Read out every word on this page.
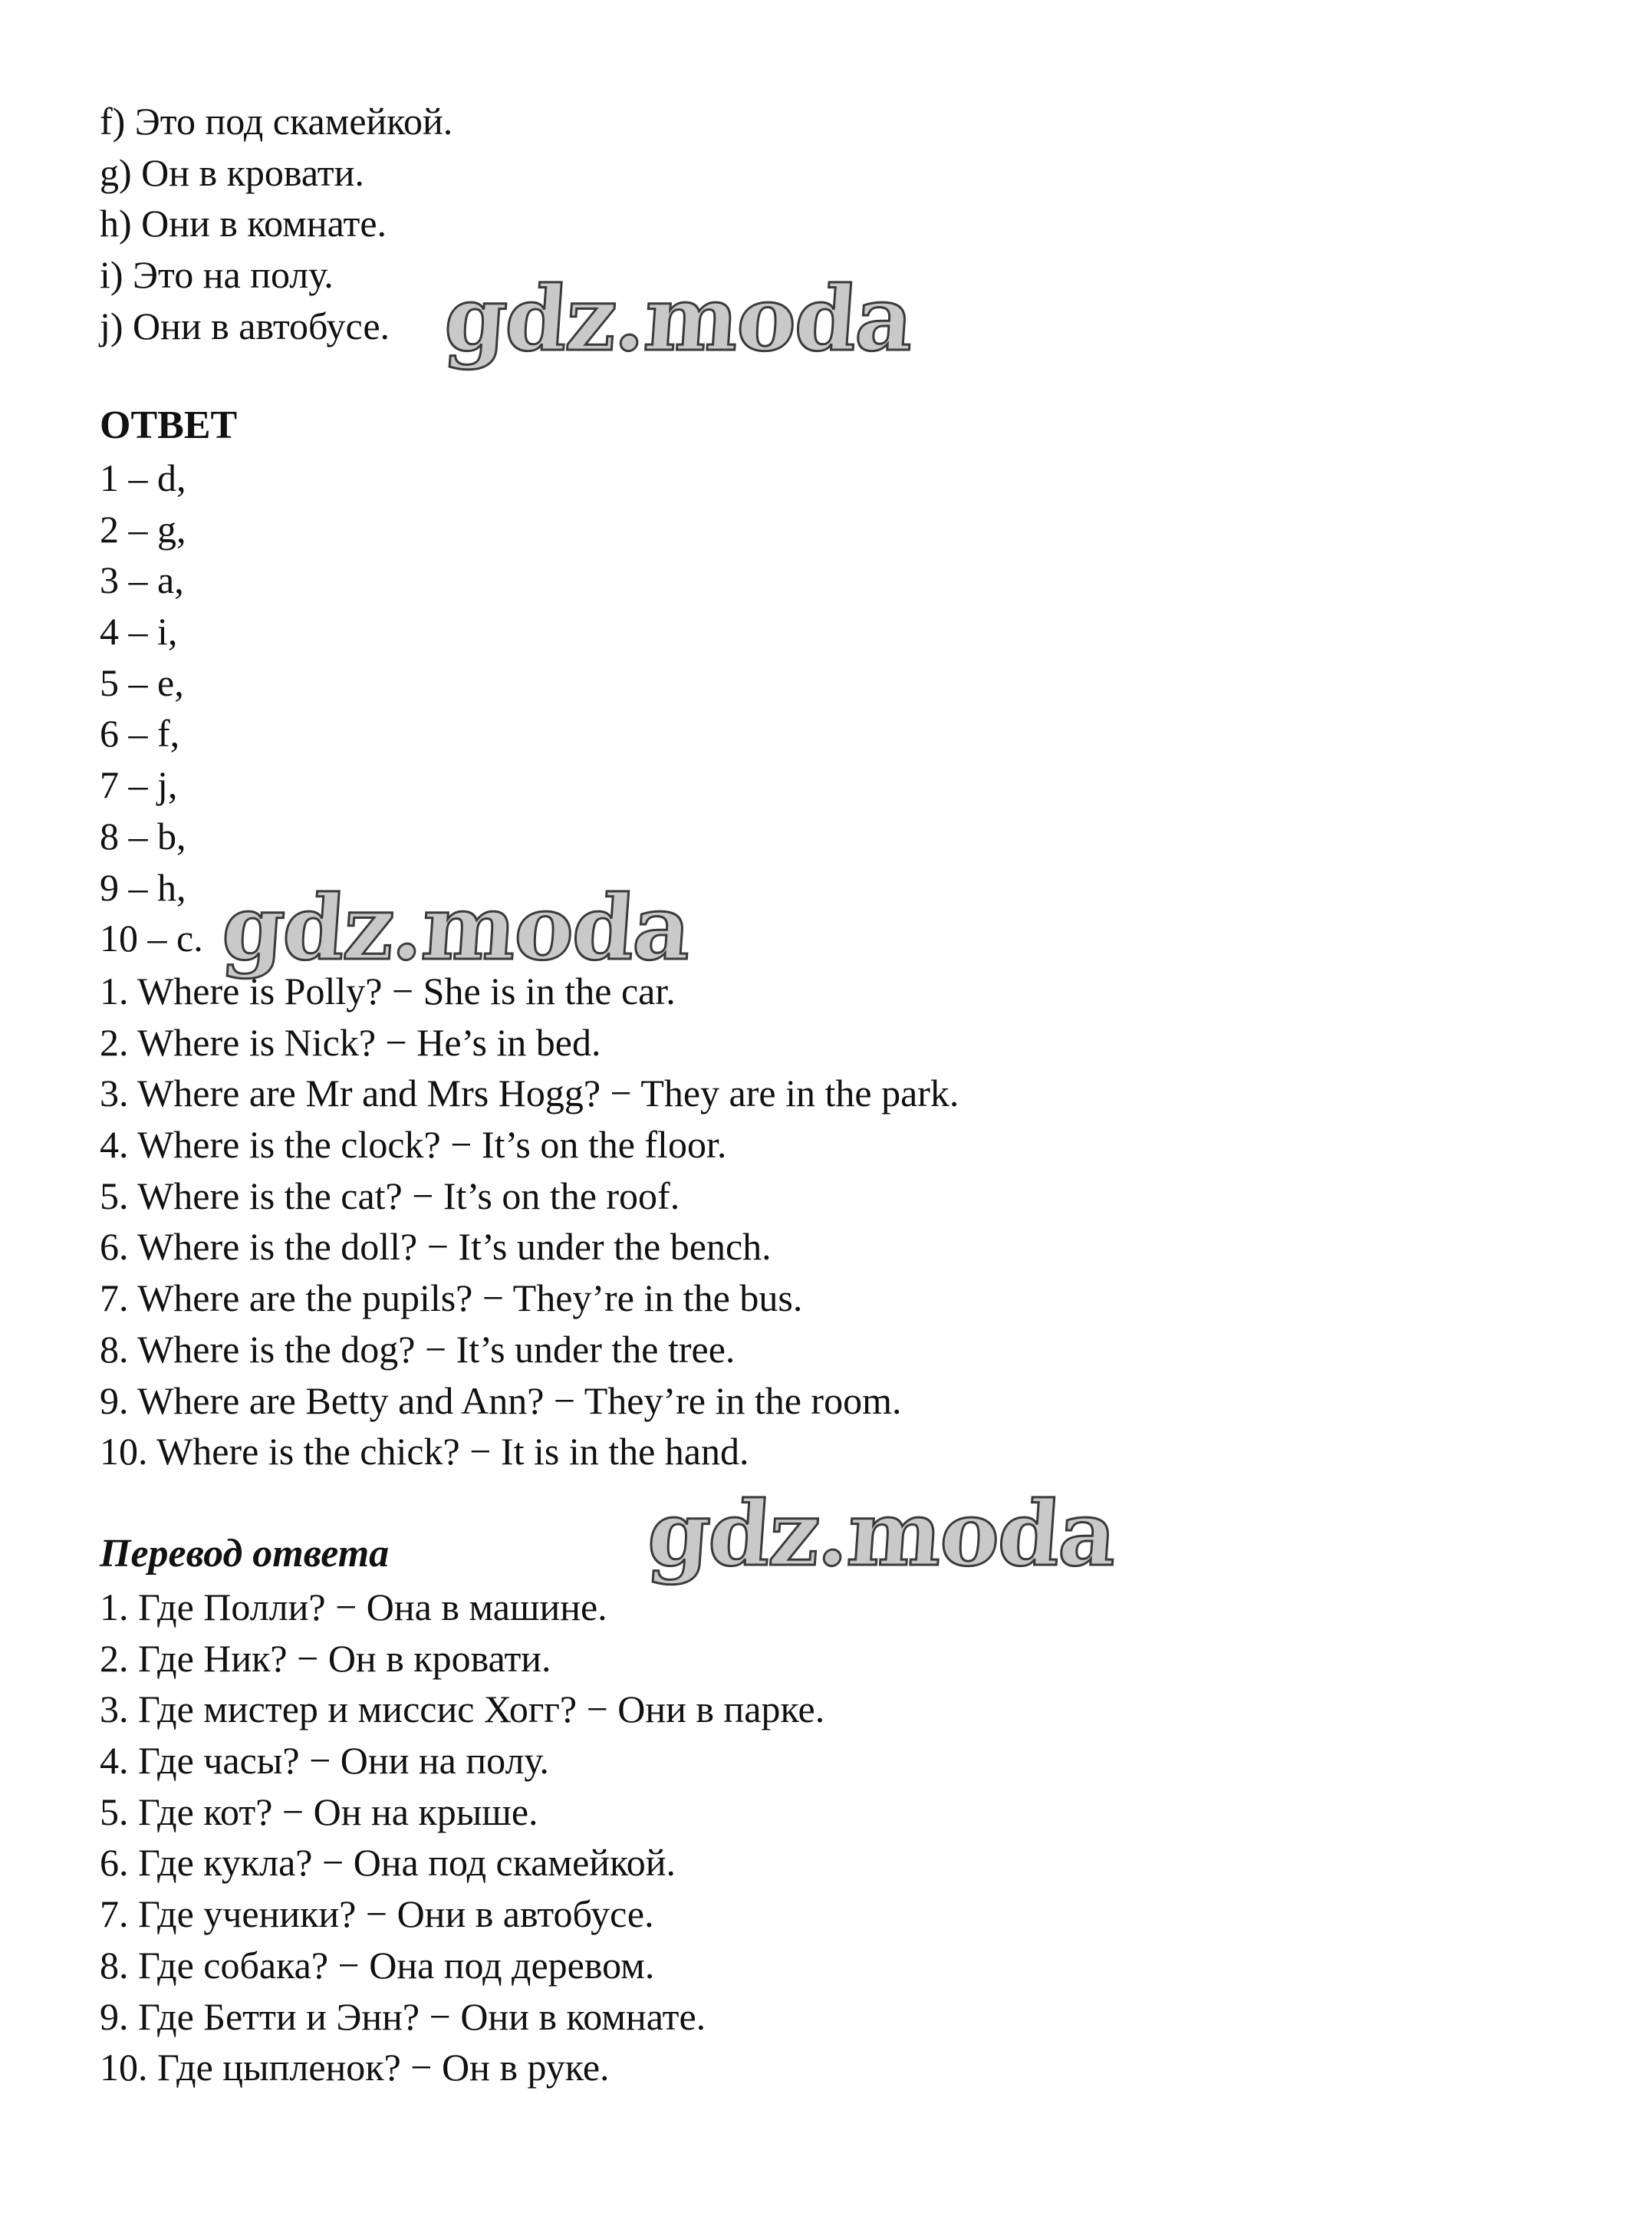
f) Это под скамейкой.
g) Он в кровати.
h) Они в комнате.
i) Это на полу.
j) Они в автобусе. gdz.moda
ОТВЕТ
1 – d,
2 – g,
3 – a,
4 – i,
5 – e,
6 – f,
7 – j,
8 – b,
9 – h,
10 – c. gdz.moda
1. Where is Polly? − She is in the car.
2. Where is Nick? − He’s in bed.
3. Where are Mr and Mrs Hogg? − They are in the park.
4. Where is the clock? − It’s on the floor.
5. Where is the cat? − It’s on the roof.
6. Where is the doll? − It’s under the bench.
7. Where are the pupils? − They’re in the bus.
8. Where is the dog? − It’s under the tree.
9. Where are Betty and Ann? − They’re in the room.
10. Where is the chick? − It is in the hand.
Перевод ответа	gdz.moda
1. Где Полли? − Она в машине.
2. Где Ник? − Он в кровати.
3. Где мистер и миссис Хогг? − Они в парке.
4. Где часы? − Они на полу.
5. Где кот? − Он на крыше.
6. Где кукла? − Она под скамейкой.
7. Где ученики? − Они в автобусе.
8. Где собака? − Она под деревом.
9. Где Бетти и Энн? − Они в комнате.
10. Где цыпленок? − Он в руке.
